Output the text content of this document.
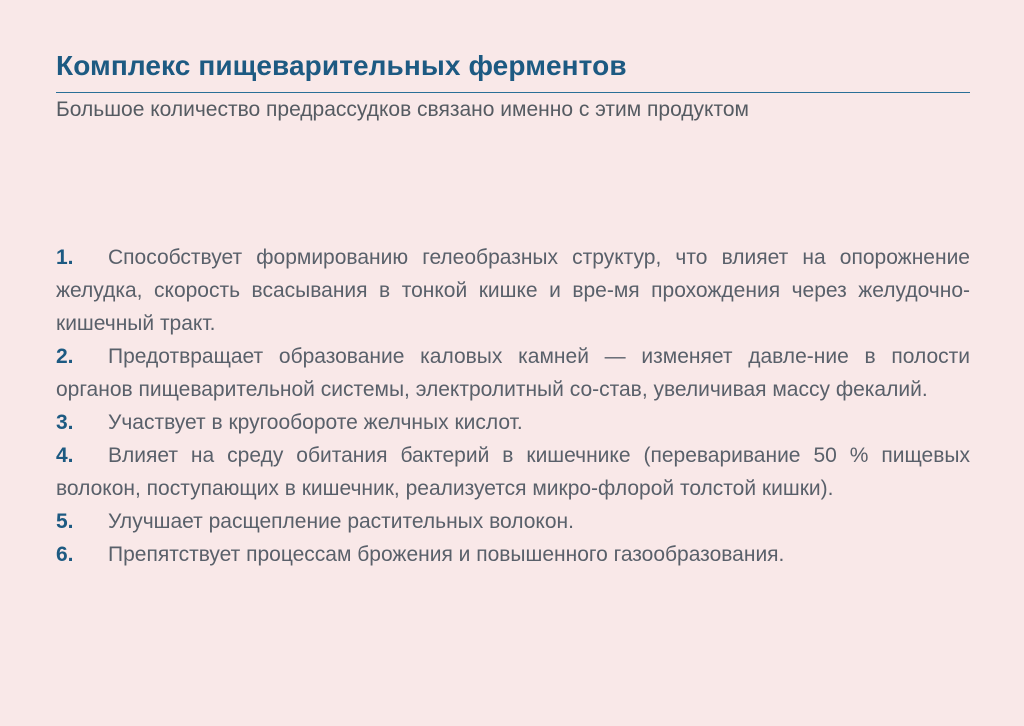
Комплекс пищеварительных ферментов
Большое количество предрассудков связано именно с этим продуктом
1. Способствует формированию гелеобразных структур, что влияет на опорожнение желудка, скорость всасывания в тонкой кишке и вре-мя прохождения через желудочно-кишечный тракт.
2. Предотвращает образование каловых камней — изменяет давле-ние в полости органов пищеварительной системы, электролитный со-став, увеличивая массу фекалий.
3. Участвует в кругообороте желчных кислот.
4. Влияет на среду обитания бактерий в кишечнике (переваривание 50 % пищевых волокон, поступающих в кишечник, реализуется микро-флорой толстой кишки).
5. Улучшает расщепление растительных волокон.
6. Препятствует процессам брожения и повышенного газообразования.
